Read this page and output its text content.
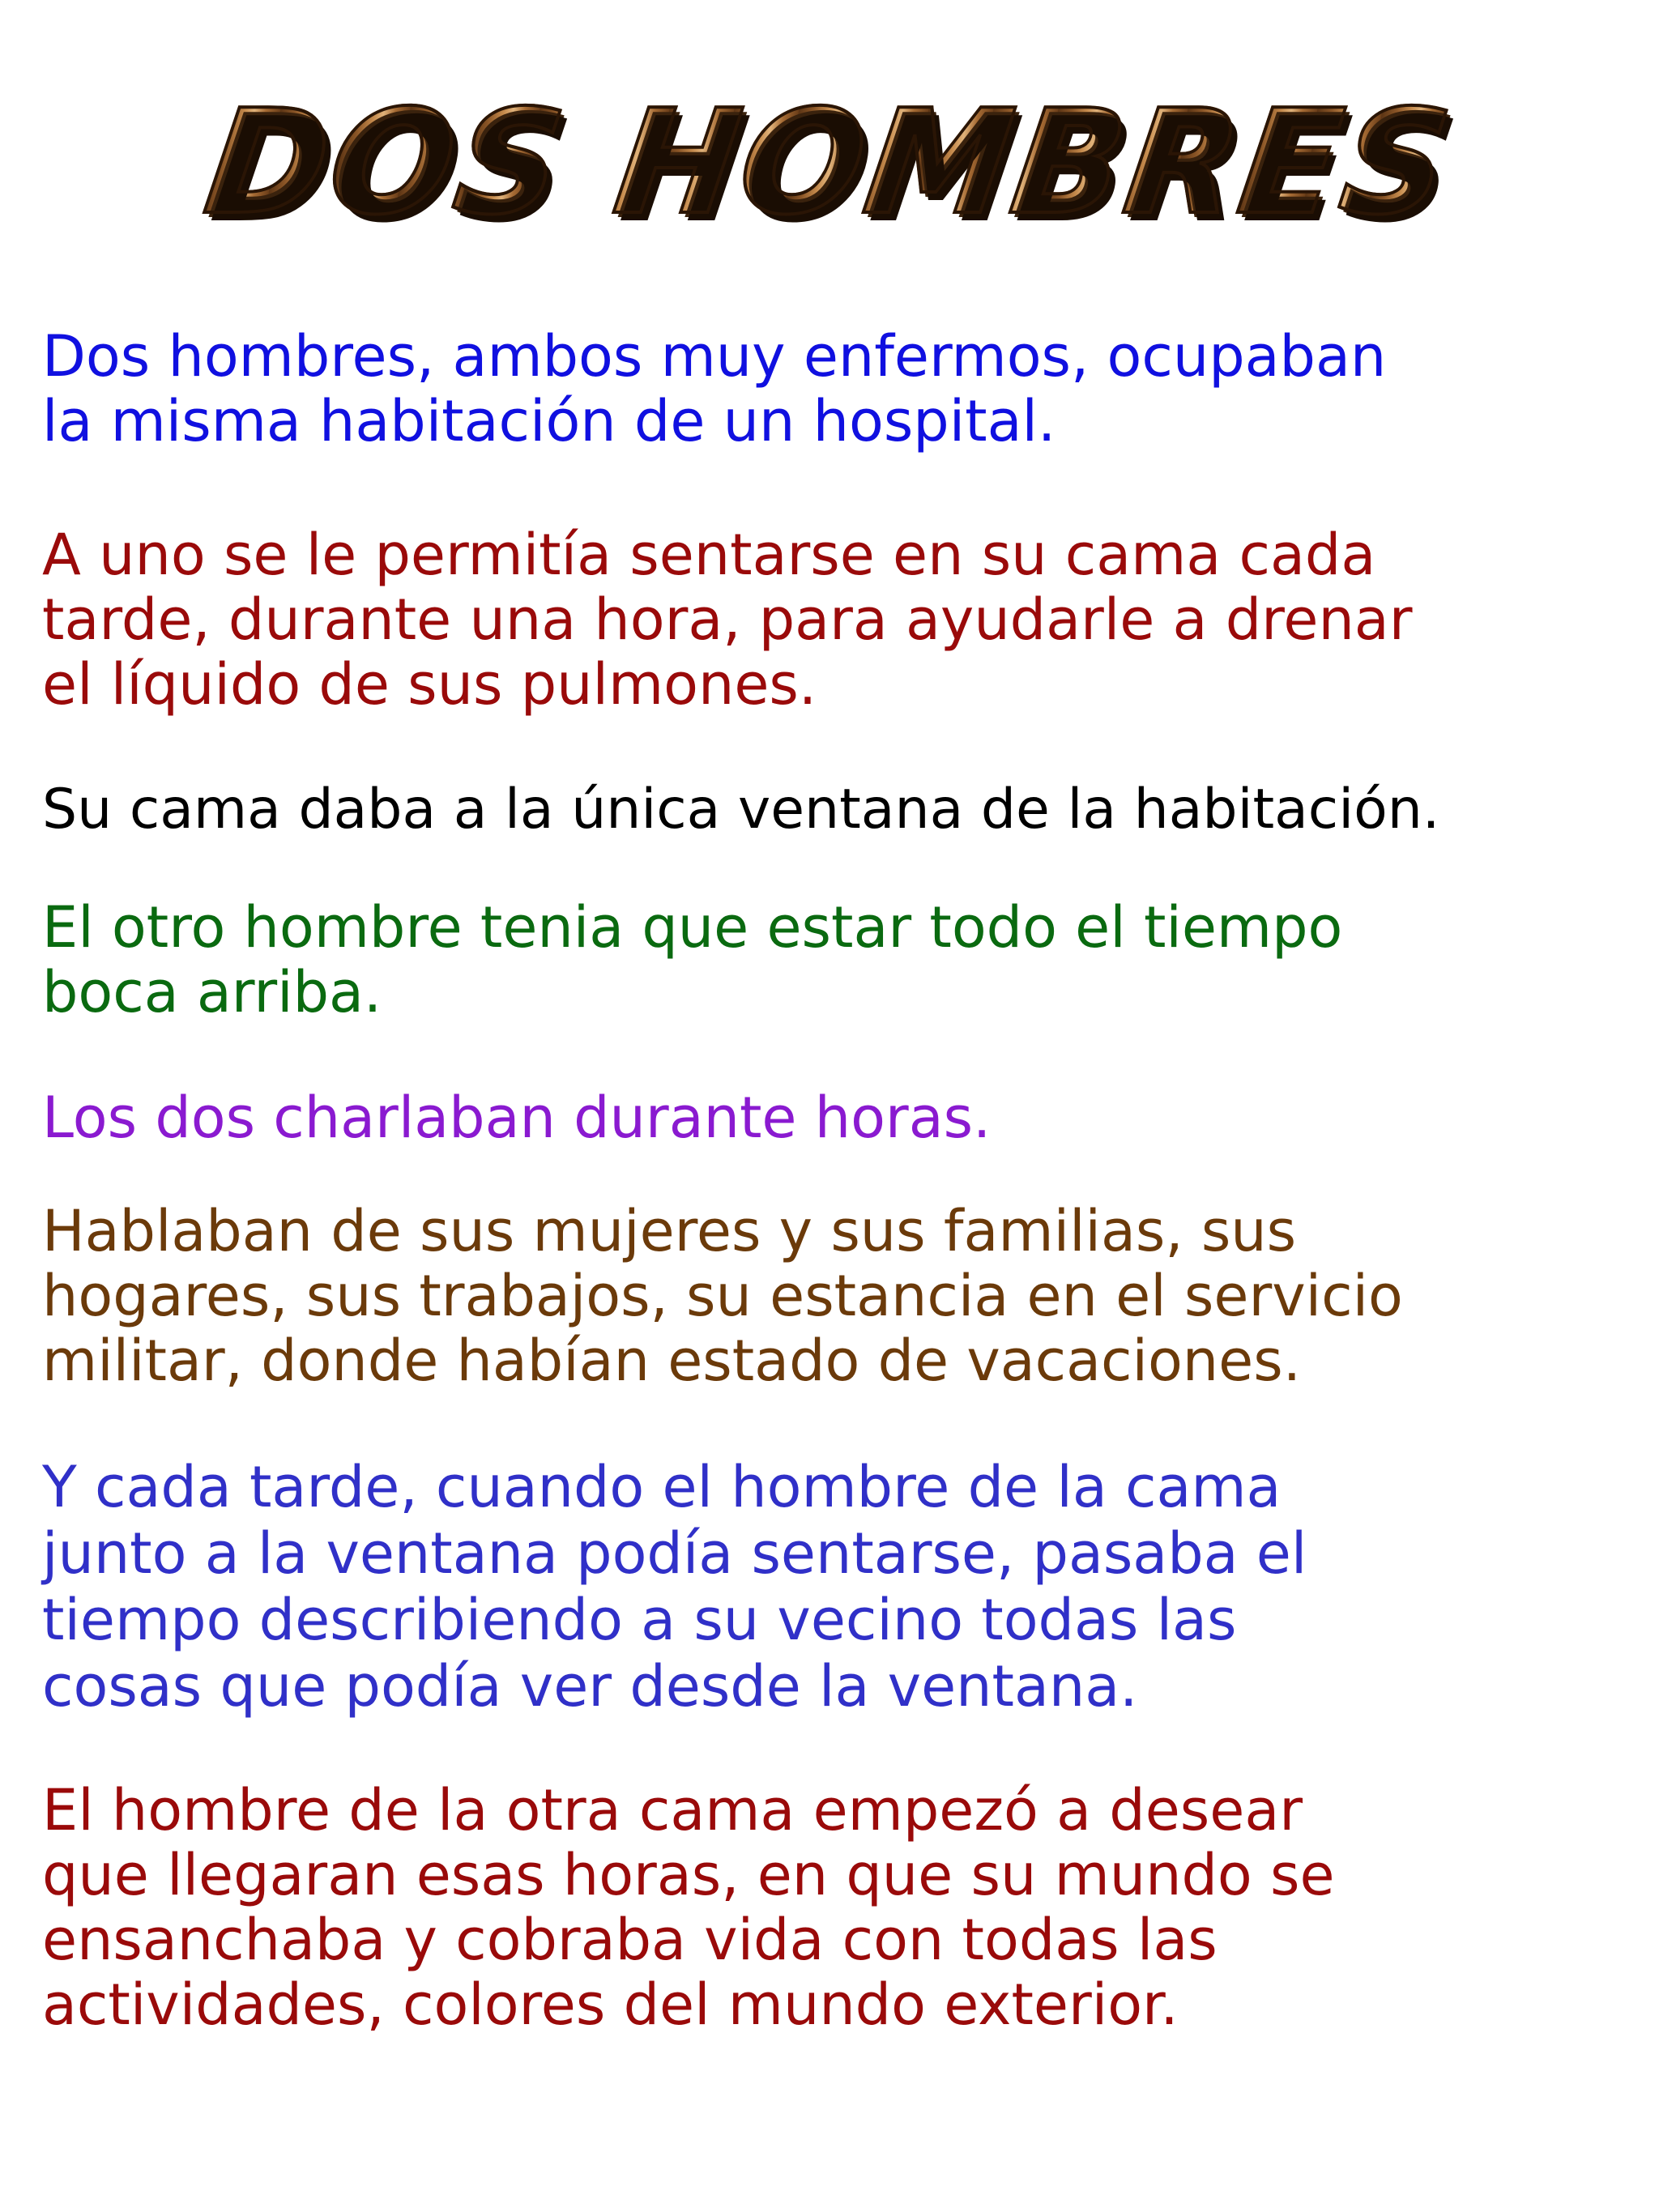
DOS HOMBRES

Dos hombres, ambos muy enfermos, ocupaban
la misma habitación de un hospital.

A uno se le permitía sentarse en su cama cada
tarde, durante una hora, para ayudarle a drenar
el líquido de sus pulmones.

Su cama daba a la única ventana de la habitación.

El otro hombre tenia que estar todo el tiempo
boca arriba.

Los dos charlaban durante horas.

Hablaban de sus mujeres y sus familias, sus
hogares, sus trabajos, su estancia en el servicio
militar, donde habían estado de vacaciones.

Y cada tarde, cuando el hombre de la cama
junto a la ventana podía sentarse, pasaba el
tiempo describiendo a su vecino todas las
cosas que podía ver desde la ventana.

El hombre de la otra cama empezó a desear
que llegaran esas horas, en que su mundo se
ensanchaba y cobraba vida con todas las
actividades, colores del mundo exterior.
